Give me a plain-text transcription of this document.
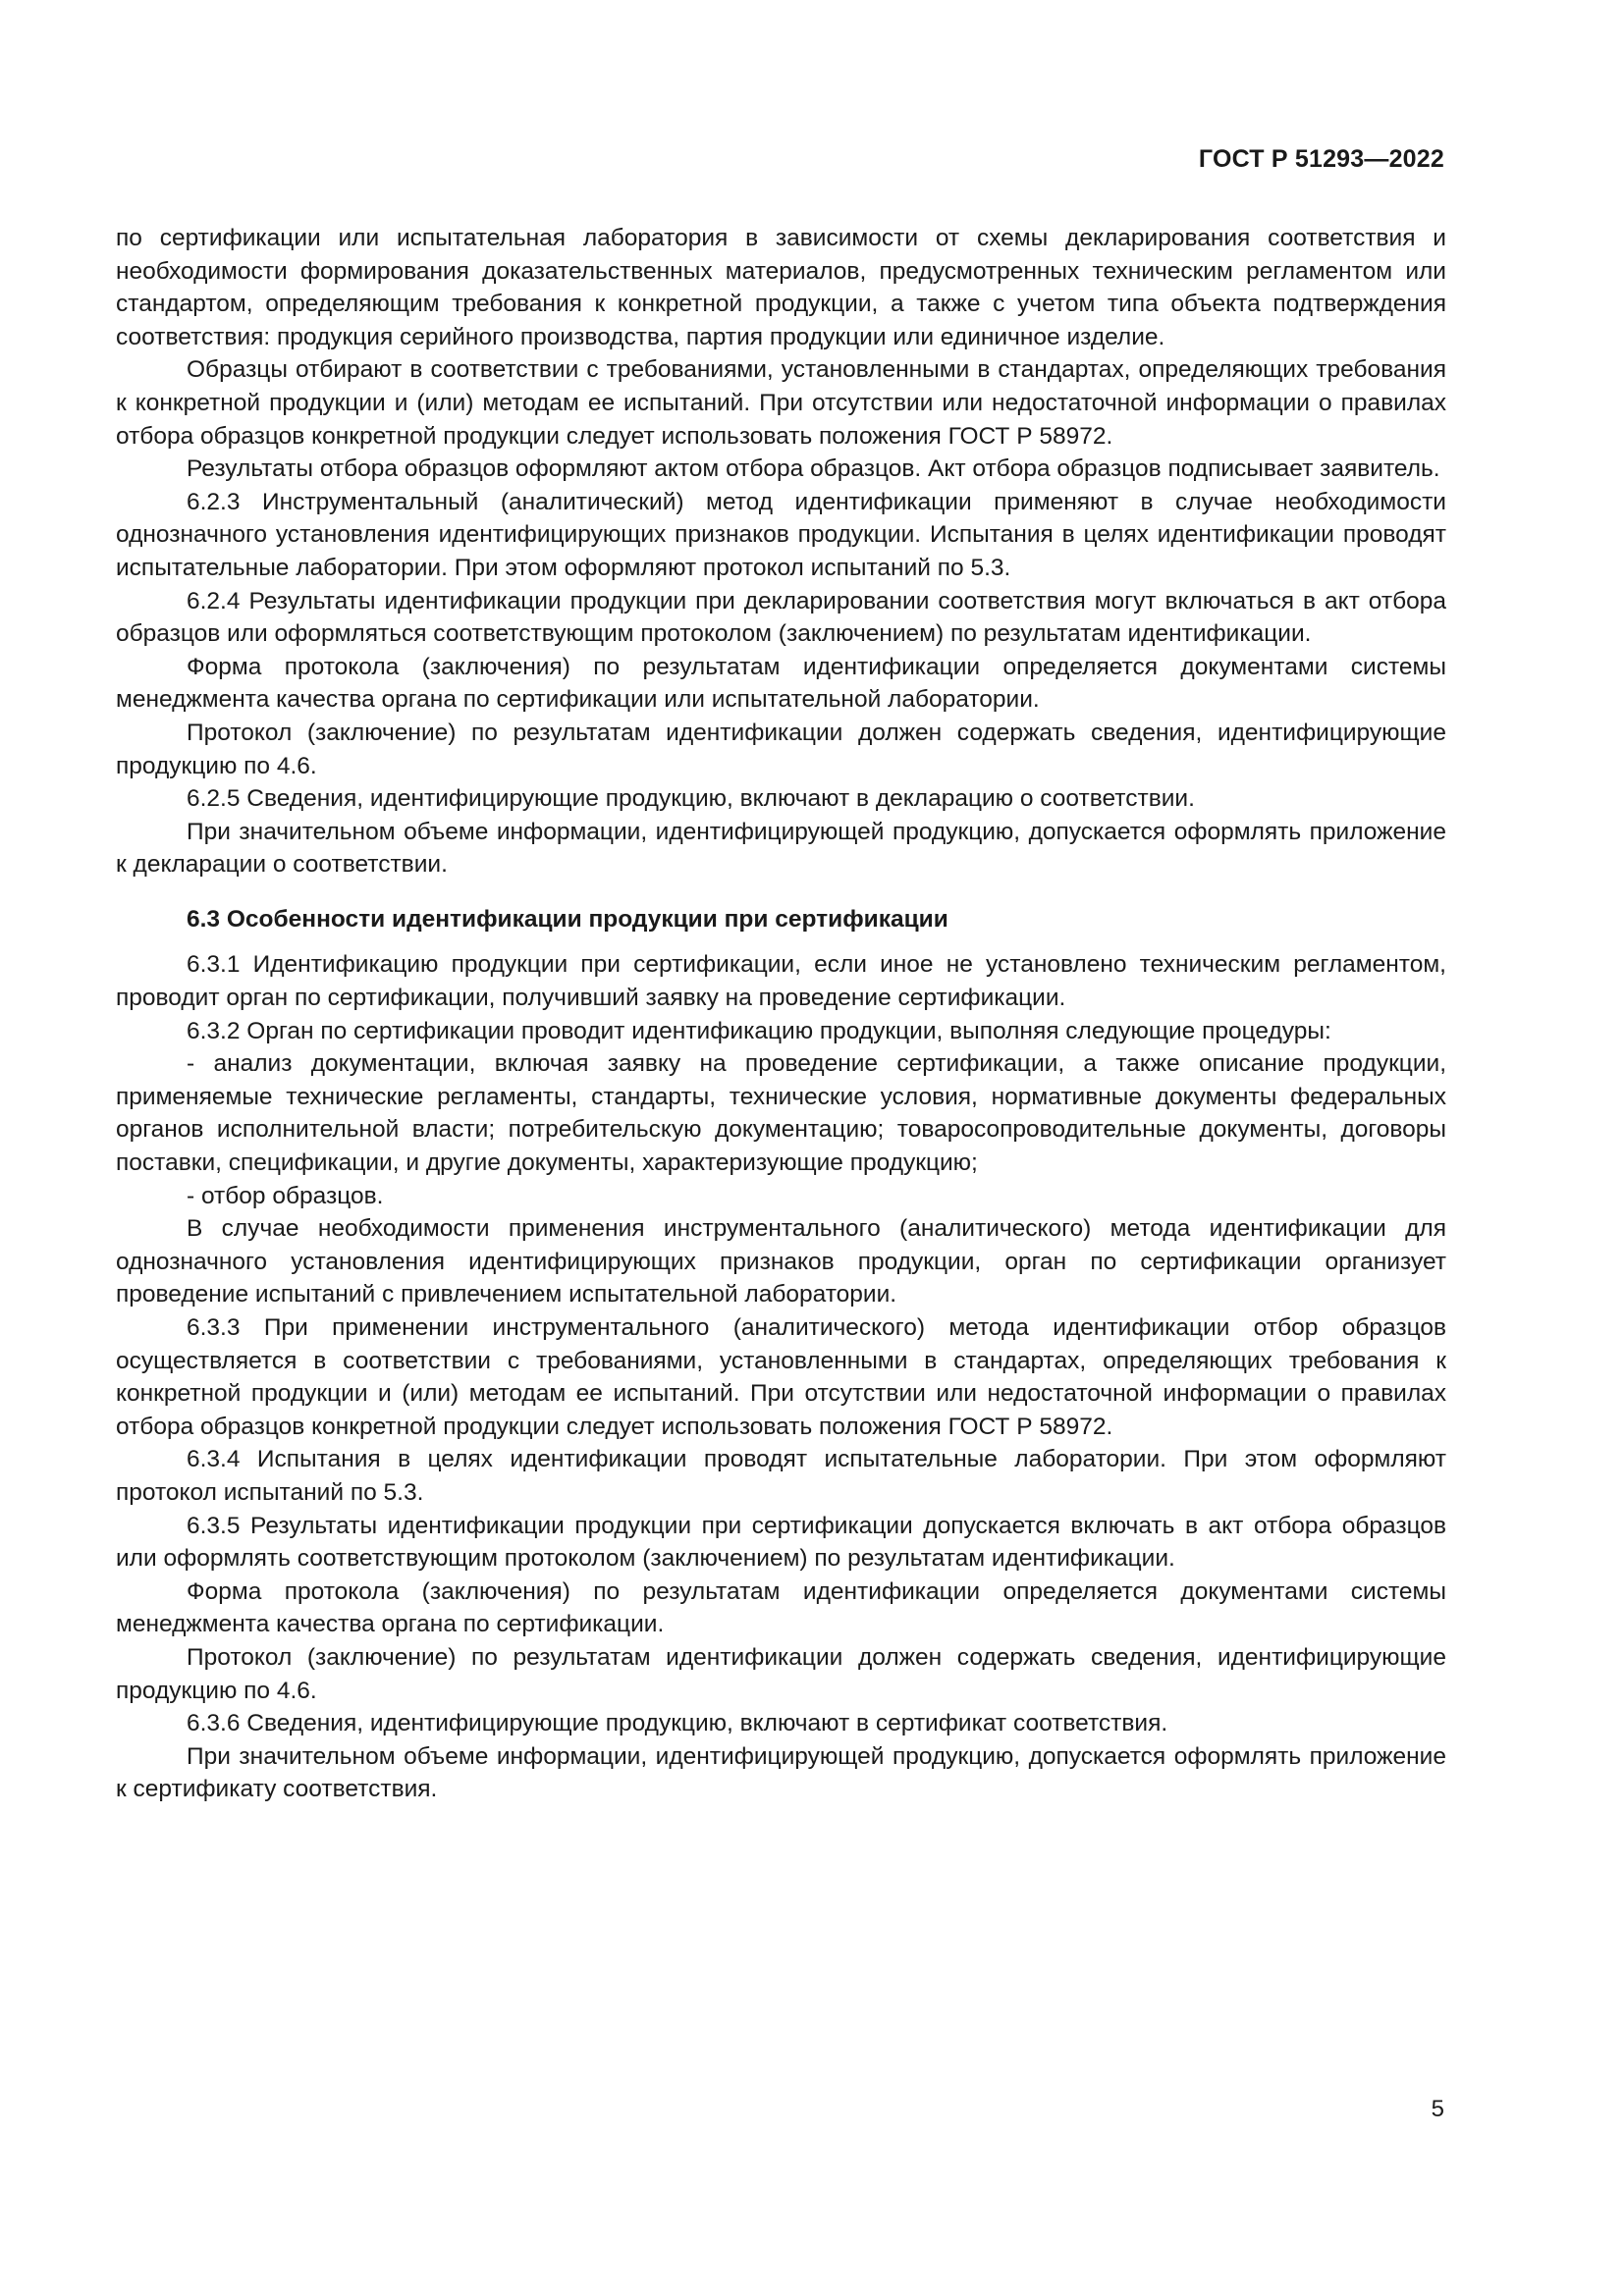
ГОСТ Р 51293—2022

по сертификации или испытательная лаборатория в зависимости от схемы декларирования соответствия и необходимости формирования доказательственных материалов, предусмотренных техническим регламентом или стандартом, определяющим требования к конкретной продукции, а также с учетом типа объекта подтверждения соответствия: продукция серийного производства, партия продукции или единичное изделие.

Образцы отбирают в соответствии с требованиями, установленными в стандартах, определяющих требования к конкретной продукции и (или) методам ее испытаний. При отсутствии или недостаточной информации о правилах отбора образцов конкретной продукции следует использовать положения ГОСТ Р 58972.

Результаты отбора образцов оформляют актом отбора образцов. Акт отбора образцов подписывает заявитель.

6.2.3 Инструментальный (аналитический) метод идентификации применяют в случае необходимости однозначного установления идентифицирующих признаков продукции. Испытания в целях идентификации проводят испытательные лаборатории. При этом оформляют протокол испытаний по 5.3.

6.2.4 Результаты идентификации продукции при декларировании соответствия могут включаться в акт отбора образцов или оформляться соответствующим протоколом (заключением) по результатам идентификации.

Форма протокола (заключения) по результатам идентификации определяется документами системы менеджмента качества органа по сертификации или испытательной лаборатории.

Протокол (заключение) по результатам идентификации должен содержать сведения, идентифицирующие продукцию по 4.6.

6.2.5 Сведения, идентифицирующие продукцию, включают в декларацию о соответствии.

При значительном объеме информации, идентифицирующей продукцию, допускается оформлять приложение к декларации о соответствии.

6.3 Особенности идентификации продукции при сертификации

6.3.1 Идентификацию продукции при сертификации, если иное не установлено техническим регламентом, проводит орган по сертификации, получивший заявку на проведение сертификации.

6.3.2 Орган по сертификации проводит идентификацию продукции, выполняя следующие процедуры:

- анализ документации, включая заявку на проведение сертификации, а также описание продукции, применяемые технические регламенты, стандарты, технические условия, нормативные документы федеральных органов исполнительной власти; потребительскую документацию; товаросопроводительные документы, договоры поставки, спецификации, и другие документы, характеризующие продукцию;

- отбор образцов.

В случае необходимости применения инструментального (аналитического) метода идентификации для однозначного установления идентифицирующих признаков продукции, орган по сертификации организует проведение испытаний с привлечением испытательной лаборатории.

6.3.3 При применении инструментального (аналитического) метода идентификации отбор образцов осуществляется в соответствии с требованиями, установленными в стандартах, определяющих требования к конкретной продукции и (или) методам ее испытаний. При отсутствии или недостаточной информации о правилах отбора образцов конкретной продукции следует использовать положения ГОСТ Р 58972.

6.3.4 Испытания в целях идентификации проводят испытательные лаборатории. При этом оформляют протокол испытаний по 5.3.

6.3.5 Результаты идентификации продукции при сертификации допускается включать в акт отбора образцов или оформлять соответствующим протоколом (заключением) по результатам идентификации.

Форма протокола (заключения) по результатам идентификации определяется документами системы менеджмента качества органа по сертификации.

Протокол (заключение) по результатам идентификации должен содержать сведения, идентифицирующие продукцию по 4.6.

6.3.6 Сведения, идентифицирующие продукцию, включают в сертификат соответствия.

При значительном объеме информации, идентифицирующей продукцию, допускается оформлять приложение к сертификату соответствия.

5
